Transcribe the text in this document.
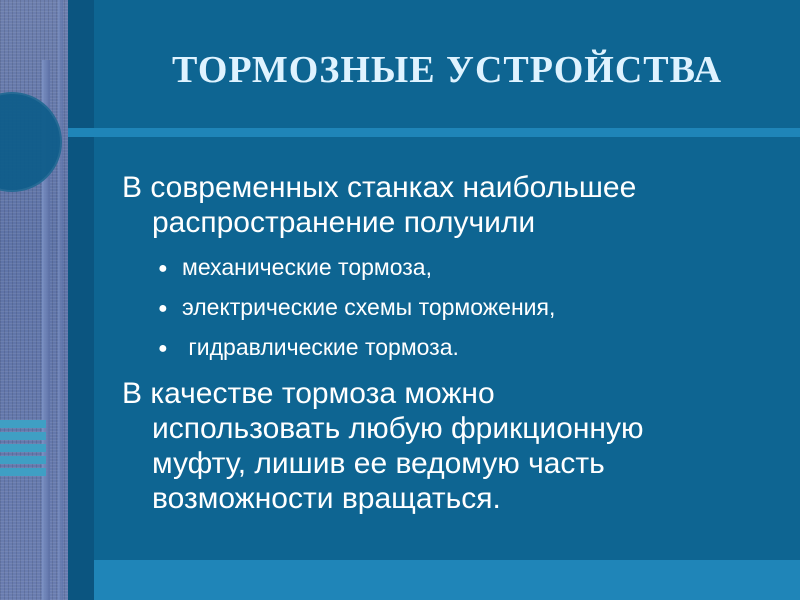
ТОРМОЗНЫЕ УСТРОЙСТВА

В современных станках наибольшее
распространение получили

● механические тормоза,
● электрические схемы торможения,
● гидравлические тормоза.

В качестве тормоза можно
использовать любую фрикционную
муфту, лишив ее ведомую часть
возможности вращаться.
